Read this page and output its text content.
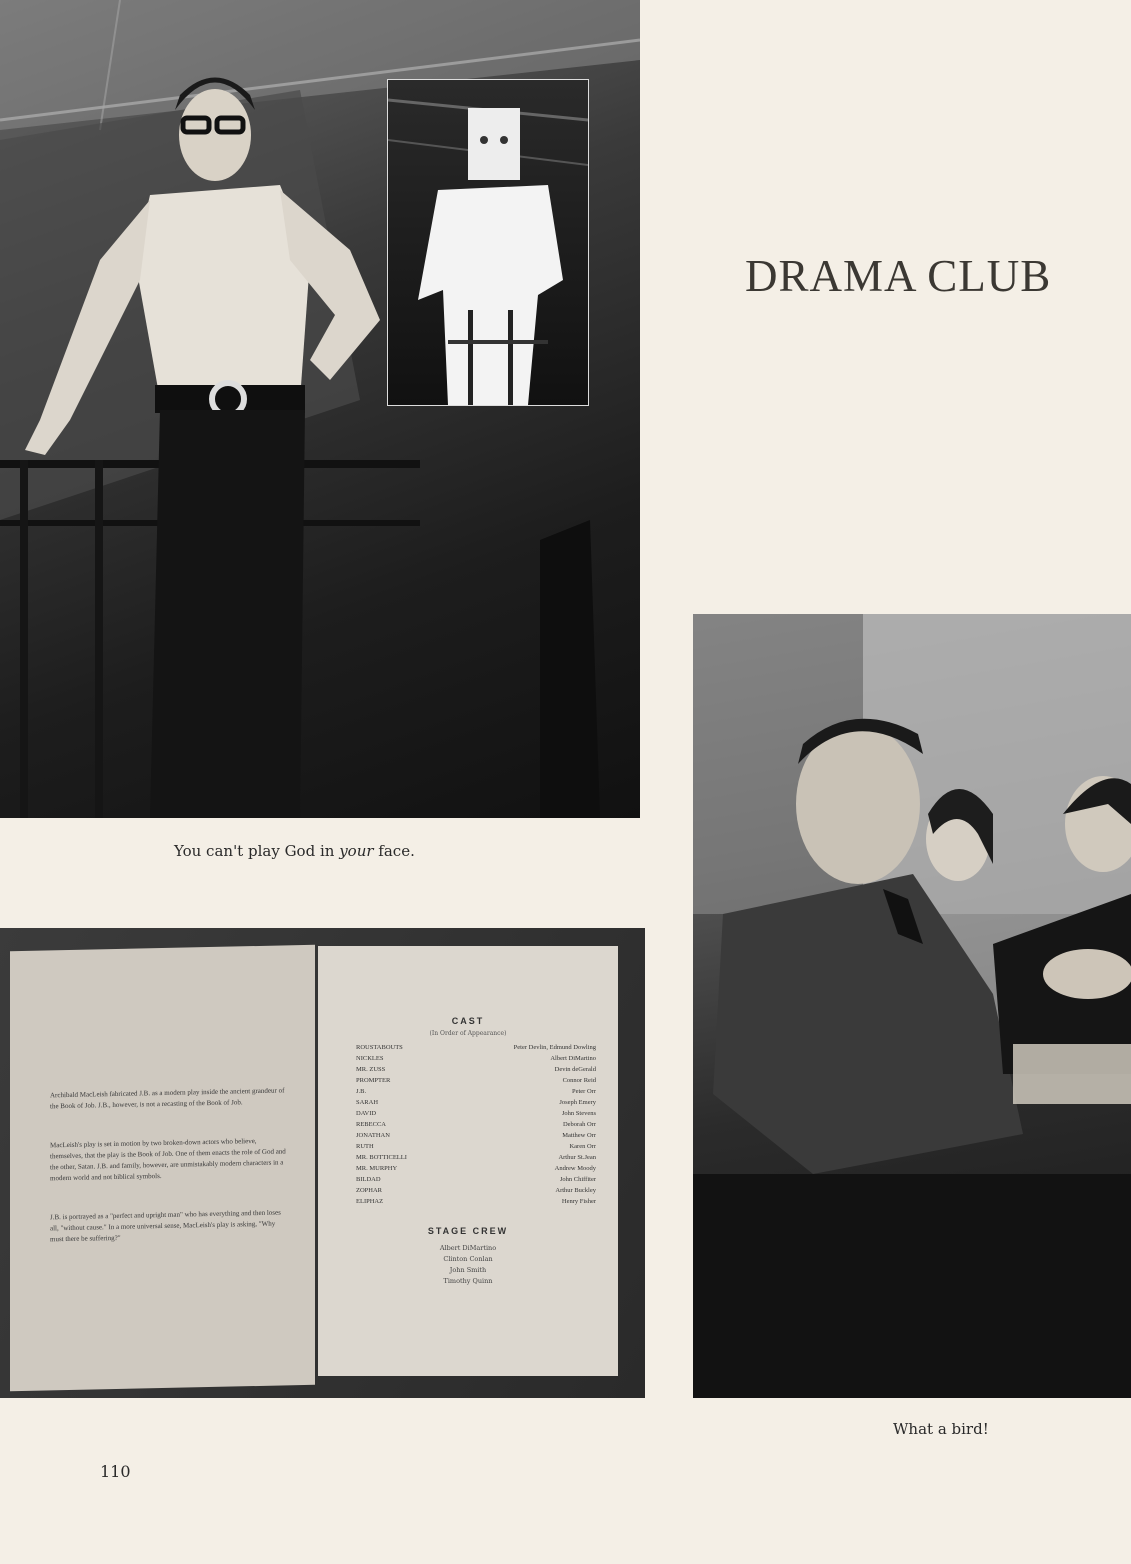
DRAMA CLUB
You can't play God in your face.
Archibald MacLeish fabricated J.B. as a modern play inside the ancient grandeur of the Book of Job. J.B., however, is not a recasting of the Book of Job.
MacLeish's play is set in motion by two broken-down actors who believe, themselves, that the play is the Book of Job. One of them enacts the role of God and the other, Satan. J.B. and family, however, are unmistakably modern characters in a modern world and not biblical symbols.
J.B. is portrayed as a "perfect and upright man" who has everything and then loses all, "without cause." In a more universal sense, MacLeish's play is asking, "Why must there be suffering?"
CAST
(In Order of Appearance)
ROUSTABOUTS	Peter Devlin, Edmund Dowling
NICKLES	Albert DiMartino
MR. ZUSS	Devin deGerald
PROMPTER	Connor Reid
J.B.	Peter Orr
SARAH	Joseph Emery
DAVID	John Stevens
REBECCA	Deborah Orr
JONATHAN	Matthew Orr
RUTH	Karen Orr
MR. BOTTICELLI	Arthur St.Jean
MR. MURPHY	Andrew Moody
BILDAD	John Chiffiter
ZOPHAR	Arthur Buckley
ELIPHAZ	Henry Fisher
STAGE CREW
Albert DiMartino
Clinton Conlan
John Smith
Timothy Quinn
What a bird!
110
